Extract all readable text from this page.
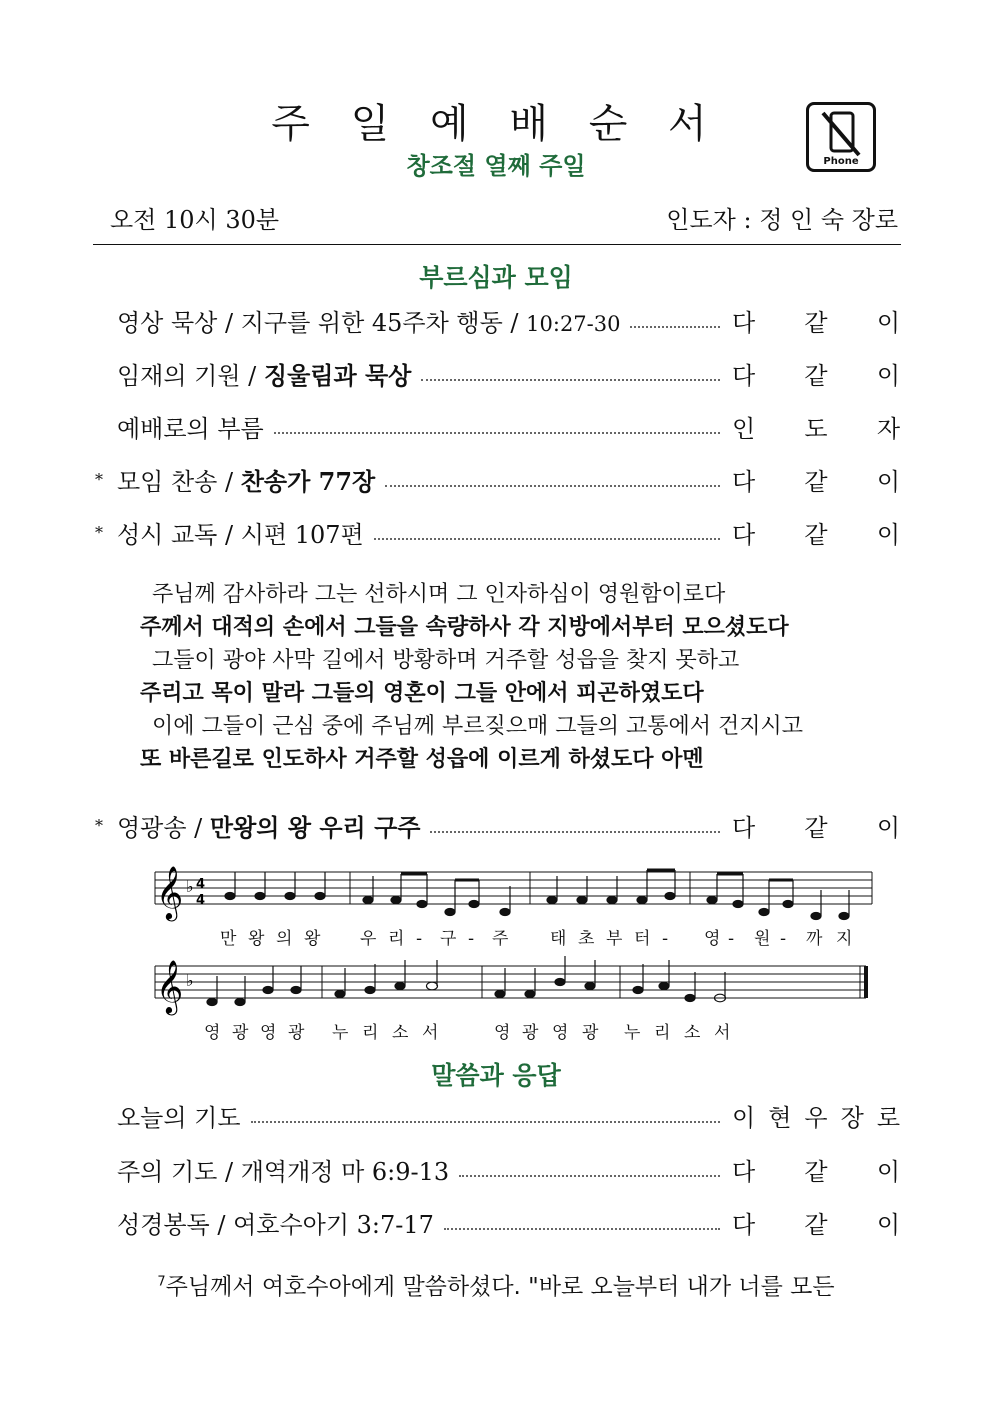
주 일 예 배 순 서
창조절 열째 주일	Phone
오전 10시 30분	인도자 : 정 인 숙 장로
부르심과 모임
영상 묵상 / 지구를 위한 45주차 행동 / 10:27-30	다 같 이
임재의 기원 / 징울림과 묵상	다 같 이
예배로의 부름	인 도 자
* 모임 찬송 / 찬송가 77장	다 같 이
* 성시 교독 / 시편 107편	다 같 이
주님께 감사하라 그는 선하시며 그 인자하심이 영원함이로다
주께서 대적의 손에서 그들을 속량하사 각 지방에서부터 모으셨도다
그들이 광야 사막 길에서 방황하며 거주할 성읍을 찾지 못하고
주리고 목이 말라 그들의 영혼이 그들 안에서 피곤하였도다
이에 그들이 근심 중에 주님께 부르짖으매 그들의 고통에서 건지시고
또 바른길로 인도하사 거주할 성읍에 이르게 하셨도다 아멘
* 영광송 / 만왕의 왕 우리 구주	다 같 이
𝄞 ♭ 4
4
만 왕 의 왕 우 리 - 구 - 주 태 초 부 터 - 영 - 원 - 까 지
𝄞 ♭
영 광 영 광 누 리 소 서	영 광 영 광 누 리 소 서
말씀과 응답
오늘의 기도	이 현 우 장 로
주의 기도 / 개역개정 마 6:9-13	다 같 이
성경봉독 / 여호수아기 3:7-17	다 같 이
$^7$주님께서 여호수아에게 말씀하셨다. "바로 오늘부터 내가 너를 모든
